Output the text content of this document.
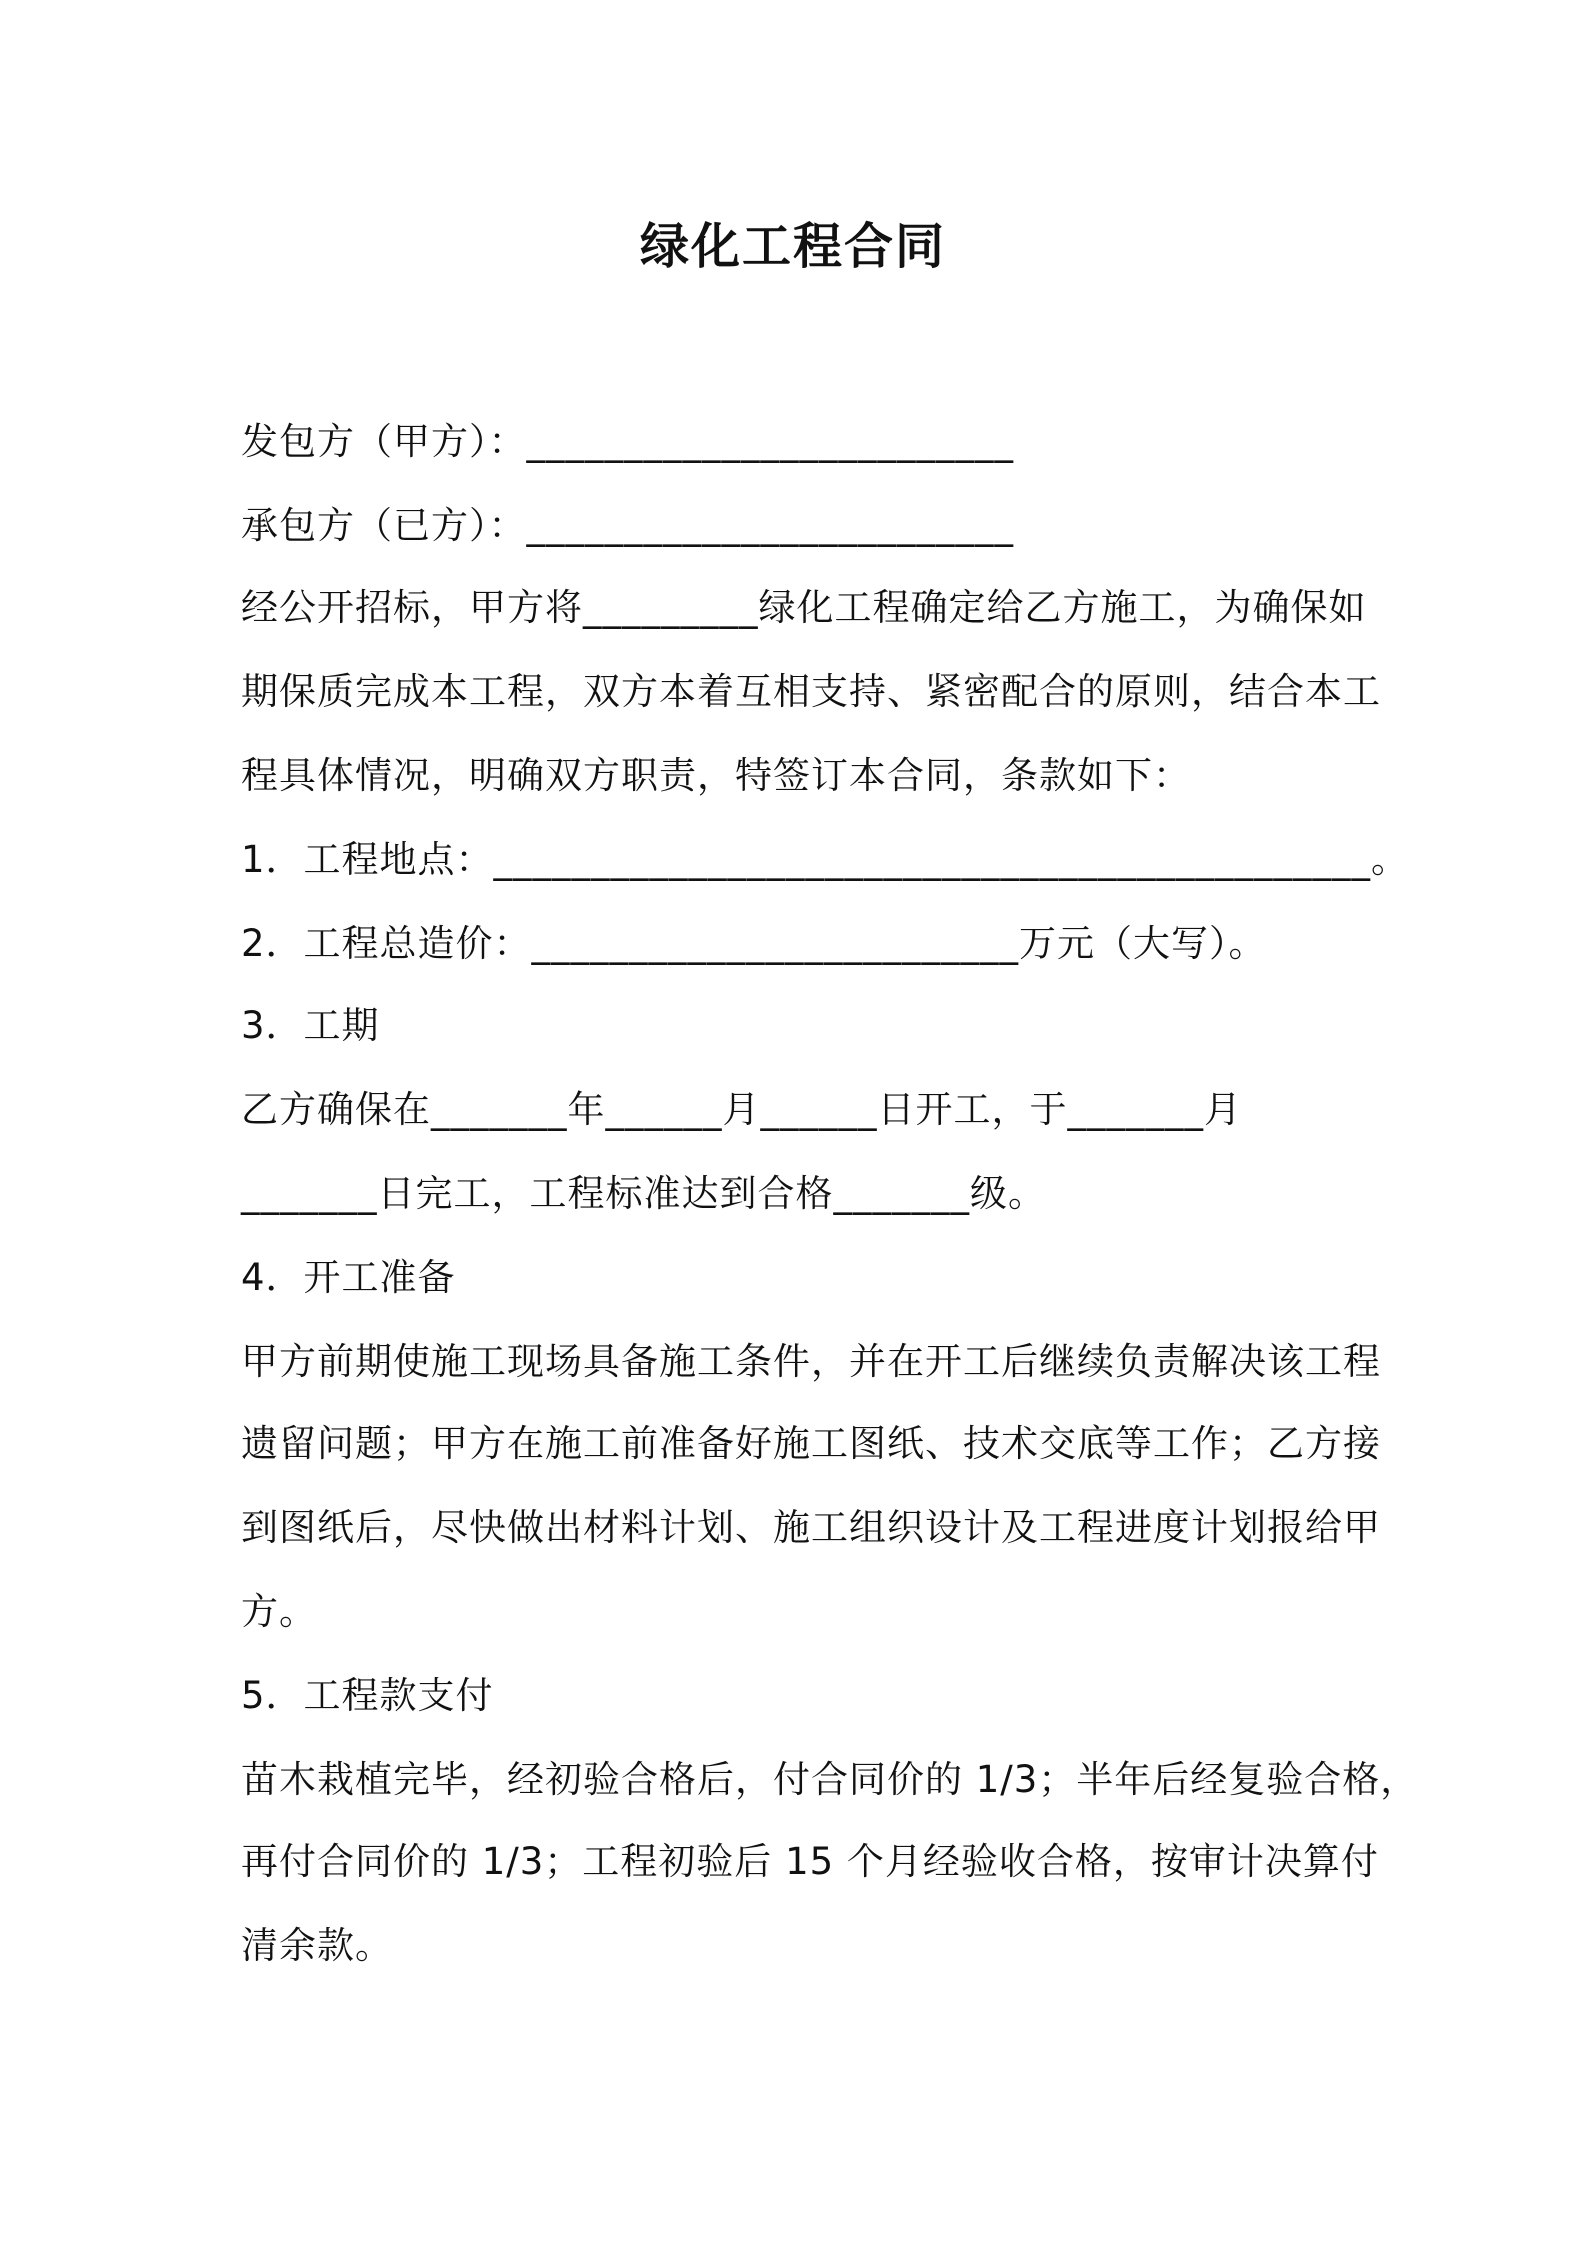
绿化工程合同
发包方（甲方）：_________________________
承包方（已方）：_________________________
经公开招标，甲方将_________绿化工程确定给乙方施工，为确保如
期保质完成本工程，双方本着互相支持、紧密配合的原则，结合本工
程具体情况，明确双方职责，特签订本合同，条款如下：
1．工程地点：_____________________________________________。
2．工程总造价：_________________________万元（大写）。
3．工期
乙方确保在_______年______月______日开工，于_______月
_______日完工，工程标准达到合格_______级。
4．开工准备
甲方前期使施工现场具备施工条件，并在开工后继续负责解决该工程
遗留问题；甲方在施工前准备好施工图纸、技术交底等工作；乙方接
到图纸后，尽快做出材料计划、施工组织设计及工程进度计划报给甲
方。
5．工程款支付
苗木栽植完毕，经初验合格后，付合同价的 1/3；半年后经复验合格，
再付合同价的 1/3；工程初验后 15 个月经验收合格，按审计决算付
清余款。
